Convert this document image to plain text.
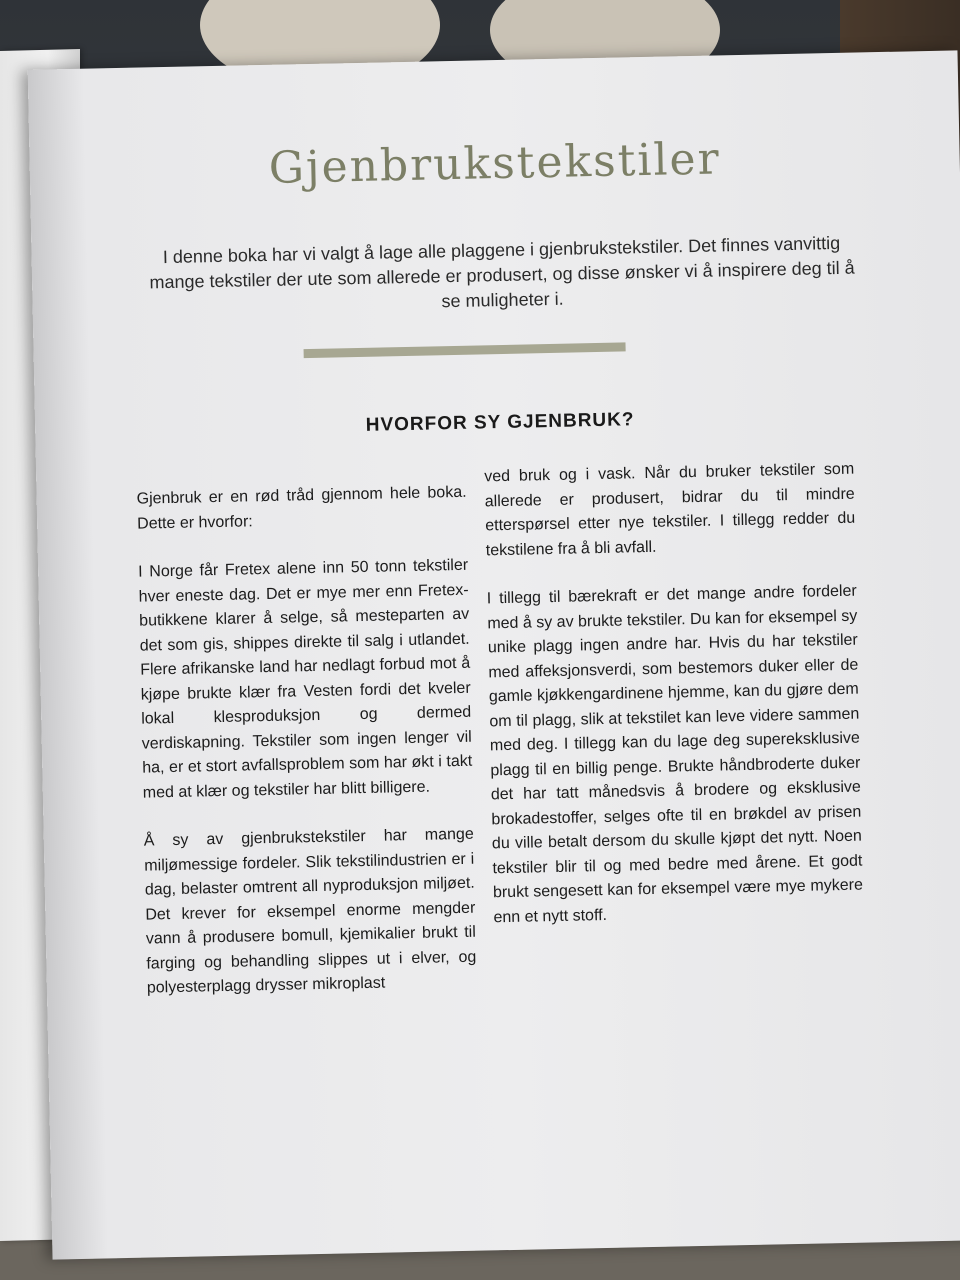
Gjenbrukstekstiler

I denne boka har vi valgt å lage alle plaggene i gjenbrukstekstiler. Det finnes vanvittig mange tekstiler der ute som allerede er produsert, og disse ønsker vi å inspirere deg til å se muligheter i.

HVORFOR SY GJENBRUK?

Gjenbruk er en rød tråd gjennom hele boka. Dette er hvorfor:

I Norge får Fretex alene inn 50 tonn tekstiler hver eneste dag. Det er mye mer enn Fretex-butikkene klarer å selge, så mesteparten av det som gis, shippes direkte til salg i utlandet. Flere afrikanske land har nedlagt forbud mot å kjøpe brukte klær fra Vesten fordi det kveler lokal klesproduksjon og dermed verdiskapning. Tekstiler som ingen lenger vil ha, er et stort avfallsproblem som har økt i takt med at klær og tekstiler har blitt billigere.

Å sy av gjenbrukstekstiler har mange miljømessige fordeler. Slik tekstilindustrien er i dag, belaster omtrent all nyproduksjon miljøet. Det krever for eksempel enorme mengder vann å produsere bomull, kjemikalier brukt til farging og behandling slippes ut i elver, og polyesterplagg drysser mikroplast

ved bruk og i vask. Når du bruker tekstiler som allerede er produsert, bidrar du til mindre etterspørsel etter nye tekstiler. I tillegg redder du tekstilene fra å bli avfall.

I tillegg til bærekraft er det mange andre fordeler med å sy av brukte tekstiler. Du kan for eksempel sy unike plagg ingen andre har. Hvis du har tekstiler med affeksjonsverdi, som bestemors duker eller de gamle kjøkkengardinene hjemme, kan du gjøre dem om til plagg, slik at tekstilet kan leve videre sammen med deg. I tillegg kan du lage deg supereksklusive plagg til en billig penge. Brukte håndbroderte duker det har tatt månedsvis å brodere og eksklusive brokadestoffer, selges ofte til en brøkdel av prisen du ville betalt dersom du skulle kjøpt det nytt. Noen tekstiler blir til og med bedre med årene. Et godt brukt sengesett kan for eksempel være mye mykere enn et nytt stoff.
